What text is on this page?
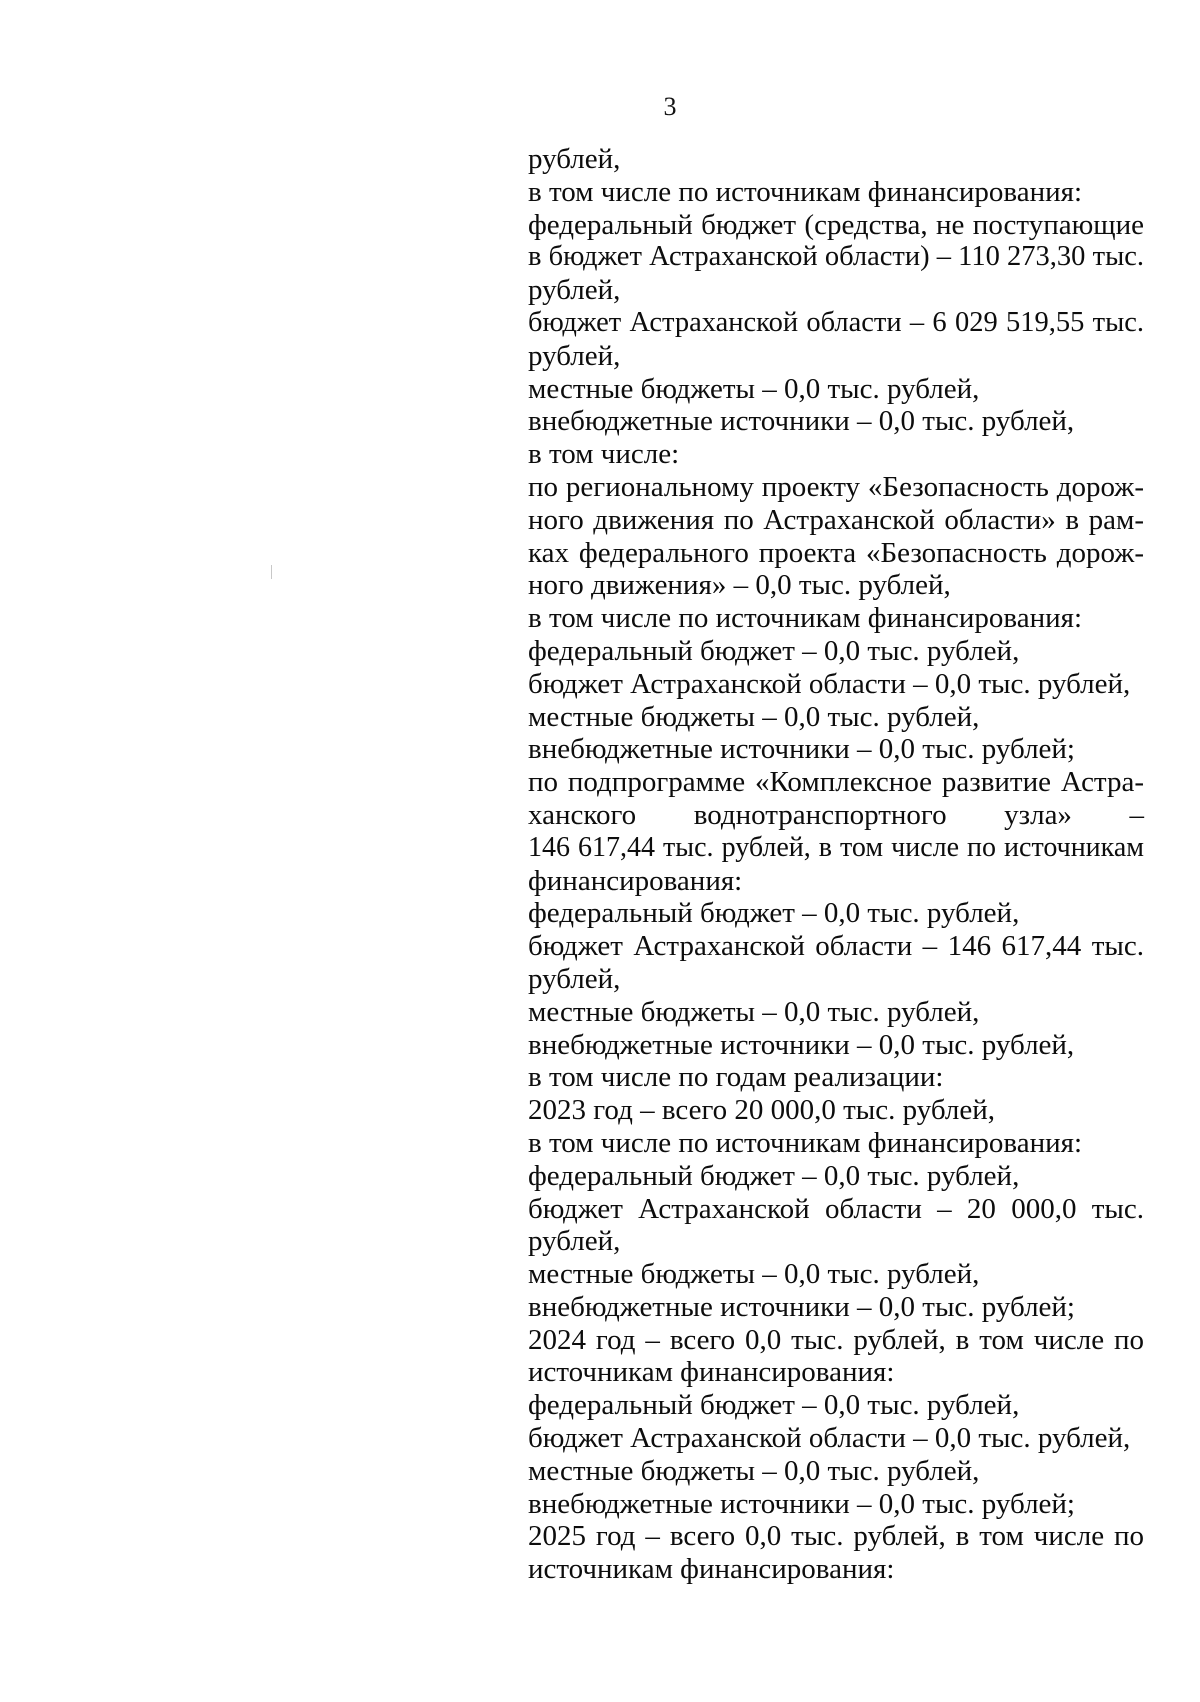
3
рублей,
в том числе по источникам финансирования:
федеральный бюджет (средства, не поступающие
в бюджет Астраханской области) – 110 273,30 тыс.
рублей,
бюджет Астраханской области – 6 029 519,55 тыс.
рублей,
местные бюджеты – 0,0 тыс. рублей,
внебюджетные источники – 0,0 тыс. рублей,
в том числе:
по региональному проекту «Безопасность дорож-
ного движения по Астраханской области» в рам-
ках федерального проекта «Безопасность дорож-
ного движения» – 0,0 тыс. рублей,
в том числе по источникам финансирования:
федеральный бюджет – 0,0 тыс. рублей,
бюджет Астраханской области – 0,0 тыс. рублей,
местные бюджеты – 0,0 тыс. рублей,
внебюджетные источники – 0,0 тыс. рублей;
по подпрограмме «Комплексное развитие Астра-
ханского воднотранспортного узла» –
146 617,44 тыс. рублей, в том числе по источникам
финансирования:
федеральный бюджет – 0,0 тыс. рублей,
бюджет Астраханской области – 146 617,44 тыс.
рублей,
местные бюджеты – 0,0 тыс. рублей,
внебюджетные источники – 0,0 тыс. рублей,
в том числе по годам реализации:
2023 год – всего 20 000,0 тыс. рублей,
в том числе по источникам финансирования:
федеральный бюджет – 0,0 тыс. рублей,
бюджет Астраханской области – 20 000,0 тыс.
рублей,
местные бюджеты – 0,0 тыс. рублей,
внебюджетные источники – 0,0 тыс. рублей;
2024 год – всего 0,0 тыс. рублей, в том числе по
источникам финансирования:
федеральный бюджет – 0,0 тыс. рублей,
бюджет Астраханской области – 0,0 тыс. рублей,
местные бюджеты – 0,0 тыс. рублей,
внебюджетные источники – 0,0 тыс. рублей;
2025 год – всего 0,0 тыс. рублей, в том числе по
источникам финансирования:
